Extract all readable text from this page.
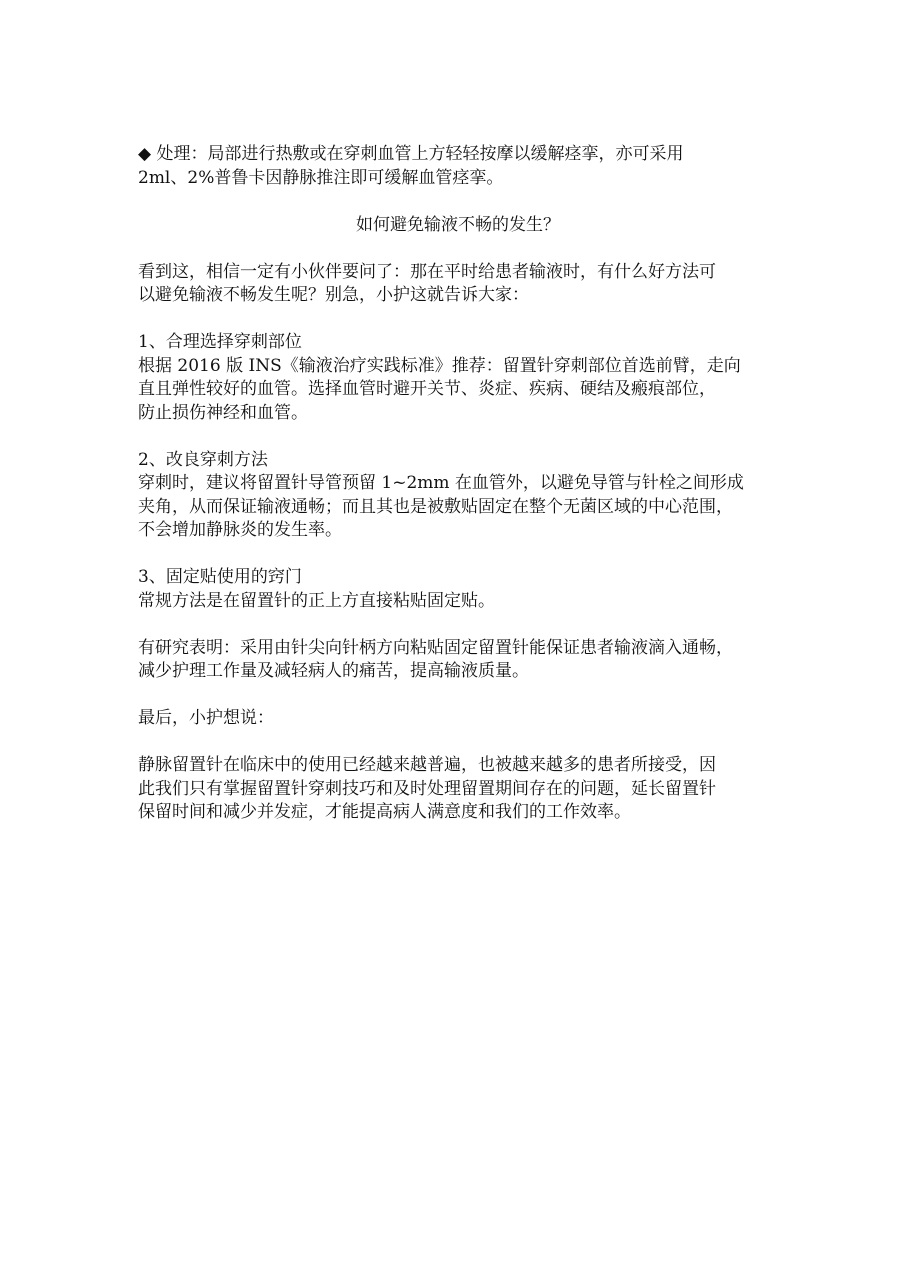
◆ 处理：局部进行热敷或在穿刺血管上方轻轻按摩以缓解痉挛，亦可采用
2ml、2%普鲁卡因静脉推注即可缓解血管痉挛。
如何避免输液不畅的发生？
看到这，相信一定有小伙伴要问了：那在平时给患者输液时，有什么好方法可
以避免输液不畅发生呢？别急，小护这就告诉大家：
1、合理选择穿刺部位
根据 2016 版 INS《输液治疗实践标准》推荐：留置针穿刺部位首选前臂，走向
直且弹性较好的血管。选择血管时避开关节、炎症、疾病、硬结及瘢痕部位，
防止损伤神经和血管。
2、改良穿刺方法
穿刺时，建议将留置针导管预留 1~2mm 在血管外，以避免导管与针栓之间形成
夹角，从而保证输液通畅；而且其也是被敷贴固定在整个无菌区域的中心范围，
不会增加静脉炎的发生率。
3、固定贴使用的窍门
常规方法是在留置针的正上方直接粘贴固定贴。
有研究表明：采用由针尖向针柄方向粘贴固定留置针能保证患者输液滴入通畅，
减少护理工作量及减轻病人的痛苦，提高输液质量。
最后，小护想说：
静脉留置针在临床中的使用已经越来越普遍，也被越来越多的患者所接受，因
此我们只有掌握留置针穿刺技巧和及时处理留置期间存在的问题，延长留置针
保留时间和减少并发症，才能提高病人满意度和我们的工作效率。
